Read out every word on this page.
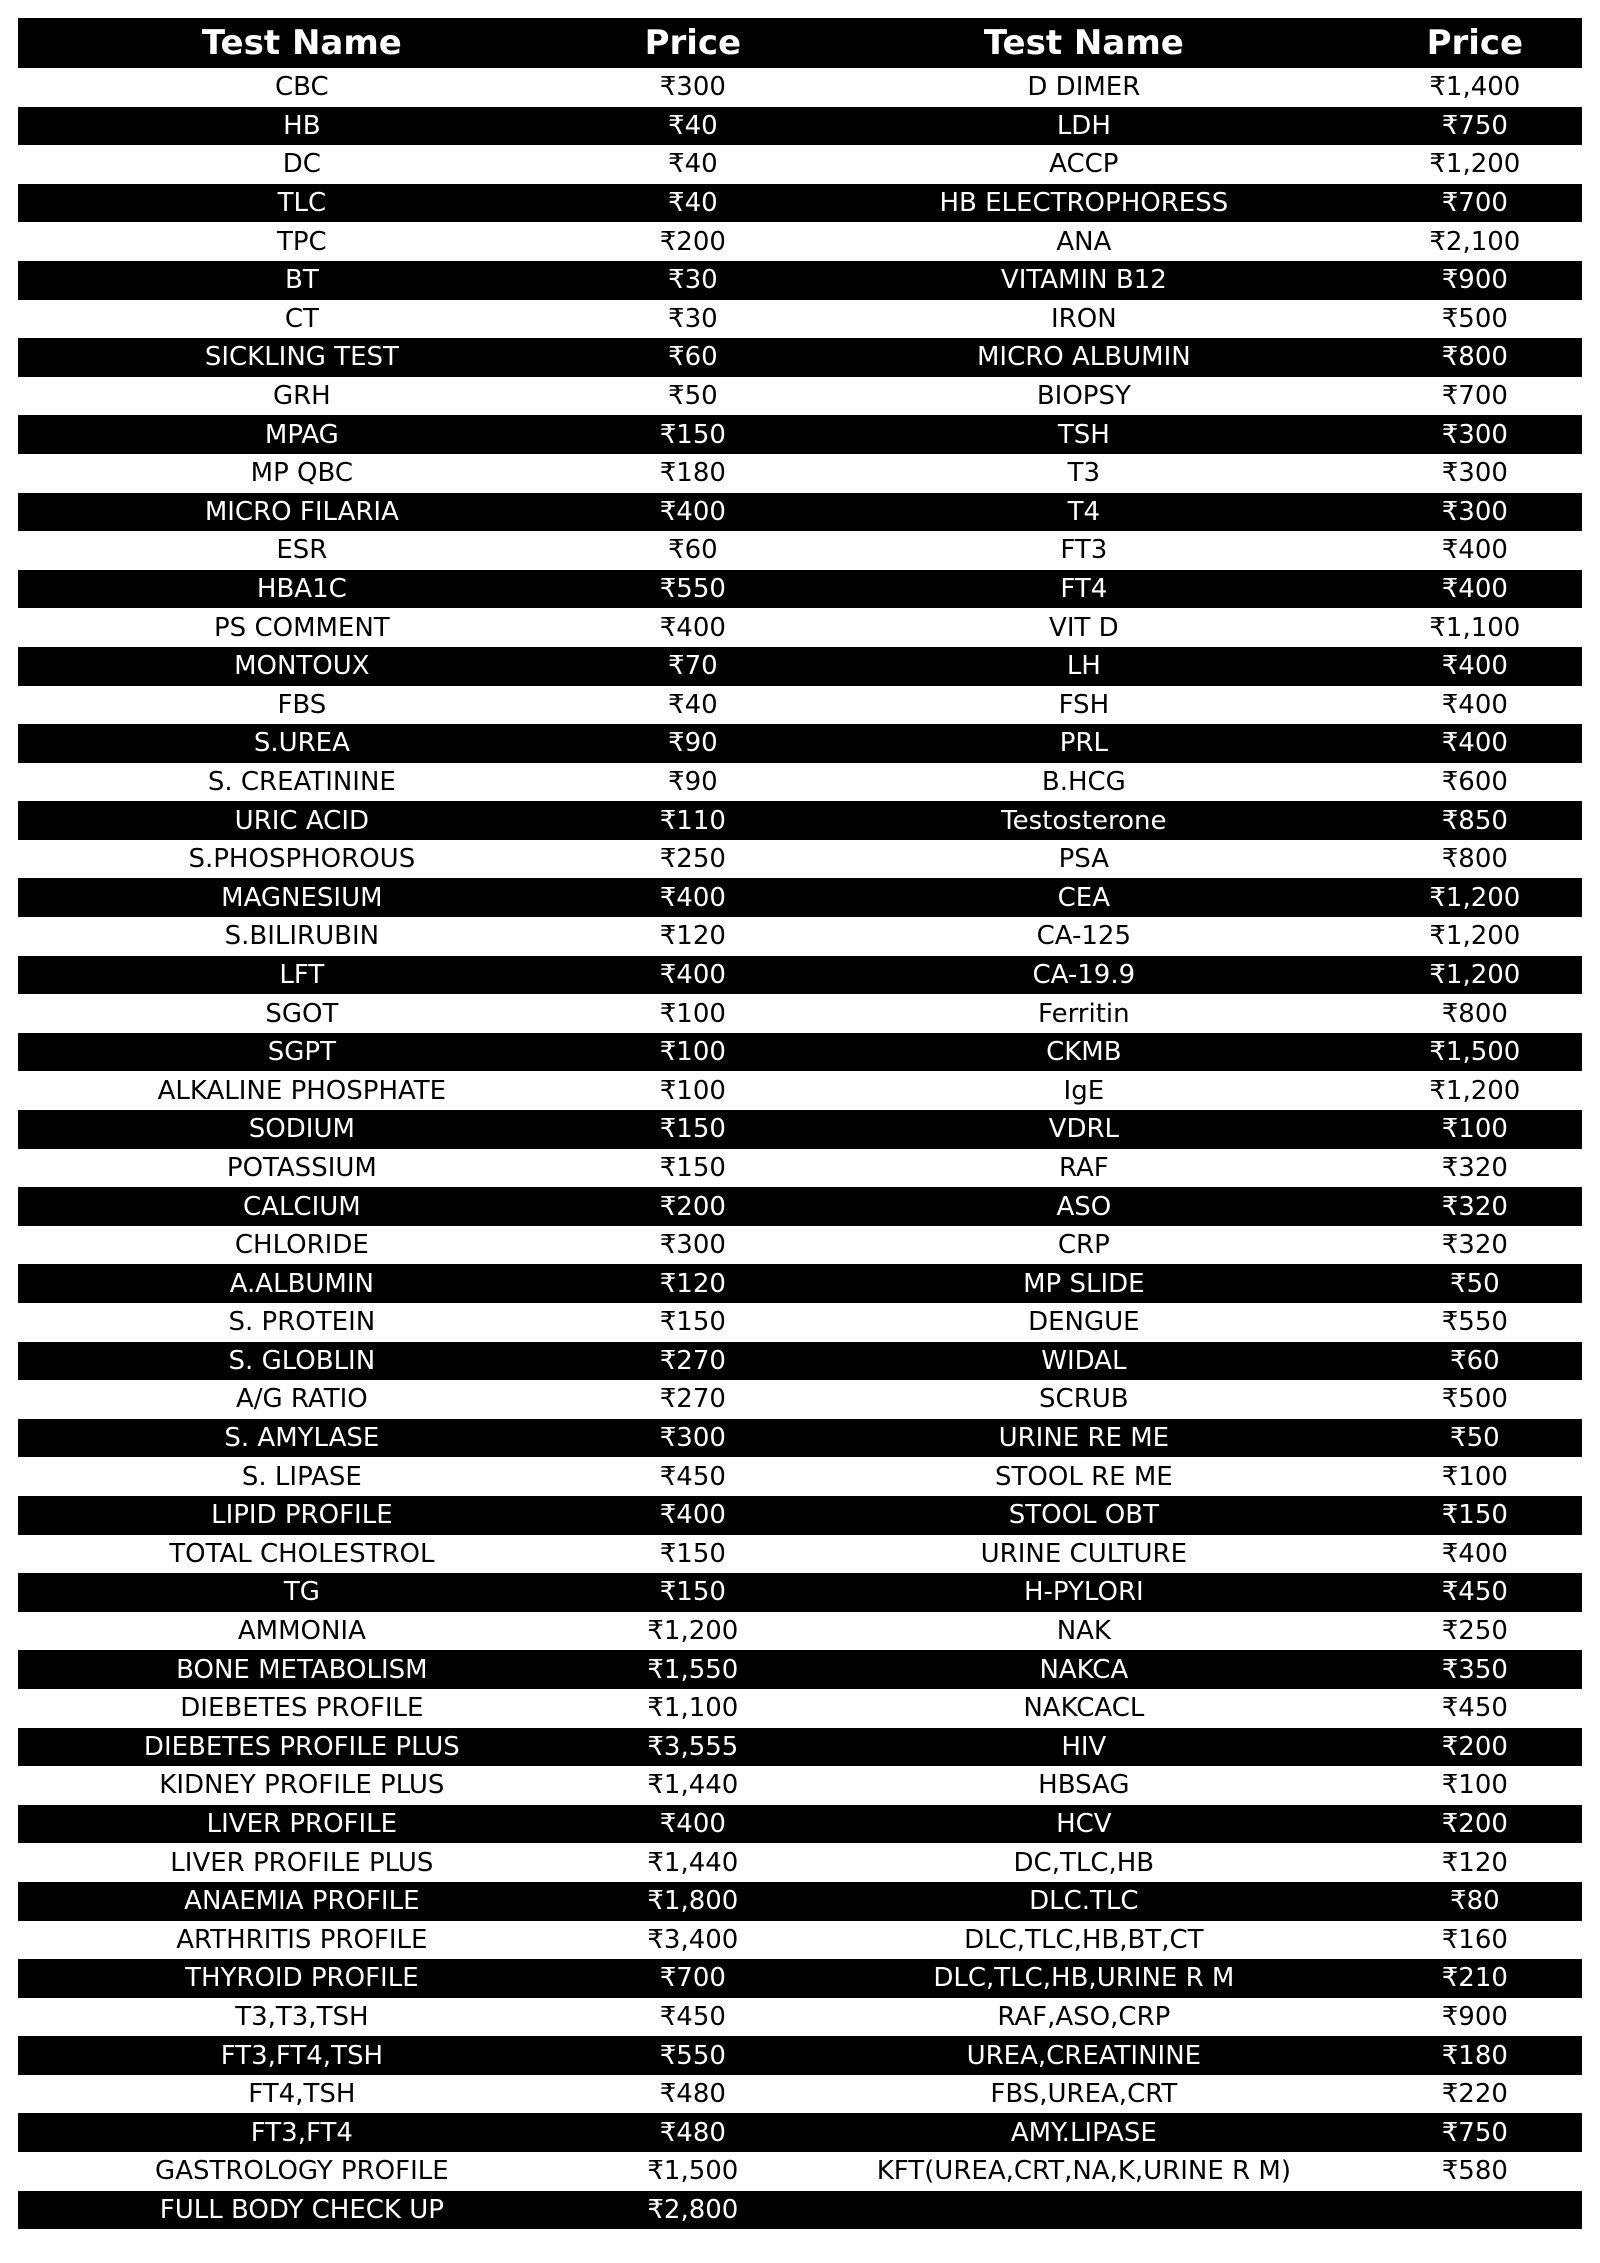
Test Name	Price	Test Name	Price
CBC	₹300	D DIMER	₹1,400
HB	₹40	LDH	₹750
DC	₹40	ACCP	₹1,200
TLC	₹40	HB ELECTROPHORESS	₹700
TPC	₹200	ANA	₹2,100
BT	₹30	VITAMIN B12	₹900
CT	₹30	IRON	₹500
SICKLING TEST	₹60	MICRO ALBUMIN	₹800
GRH	₹50	BIOPSY	₹700
MPAG	₹150	TSH	₹300
MP QBC	₹180	T3	₹300
MICRO FILARIA	₹400	T4	₹300
ESR	₹60	FT3	₹400
HBA1C	₹550	FT4	₹400
PS COMMENT	₹400	VIT D	₹1,100
MONTOUX	₹70	LH	₹400
FBS	₹40	FSH	₹400
S.UREA	₹90	PRL	₹400
S. CREATININE	₹90	B.HCG	₹600
URIC ACID	₹110	Testosterone	₹850
S.PHOSPHOROUS	₹250	PSA	₹800
MAGNESIUM	₹400	CEA	₹1,200
S.BILIRUBIN	₹120	CA-125	₹1,200
LFT	₹400	CA-19.9	₹1,200
SGOT	₹100	Ferritin	₹800
SGPT	₹100	CKMB	₹1,500
ALKALINE PHOSPHATE	₹100	IgE	₹1,200
SODIUM	₹150	VDRL	₹100
POTASSIUM	₹150	RAF	₹320
CALCIUM	₹200	ASO	₹320
CHLORIDE	₹300	CRP	₹320
A.ALBUMIN	₹120	MP SLIDE	₹50
S. PROTEIN	₹150	DENGUE	₹550
S. GLOBLIN	₹270	WIDAL	₹60
A/G RATIO	₹270	SCRUB	₹500
S. AMYLASE	₹300	URINE RE ME	₹50
S. LIPASE	₹450	STOOL RE ME	₹100
LIPID PROFILE	₹400	STOOL OBT	₹150
TOTAL CHOLESTROL	₹150	URINE CULTURE	₹400
TG	₹150	H-PYLORI	₹450
AMMONIA	₹1,200	NAK	₹250
BONE METABOLISM	₹1,550	NAKCA	₹350
DIEBETES PROFILE	₹1,100	NAKCACL	₹450
DIEBETES PROFILE PLUS	₹3,555	HIV	₹200
KIDNEY PROFILE PLUS	₹1,440	HBSAG	₹100
LIVER PROFILE	₹400	HCV	₹200
LIVER PROFILE PLUS	₹1,440	DC,TLC,HB	₹120
ANAEMIA PROFILE	₹1,800	DLC.TLC	₹80
ARTHRITIS PROFILE	₹3,400	DLC,TLC,HB,BT,CT	₹160
THYROID PROFILE	₹700	DLC,TLC,HB,URINE R M	₹210
T3,T3,TSH	₹450	RAF,ASO,CRP	₹900
FT3,FT4,TSH	₹550	UREA,CREATININE	₹180
FT4,TSH	₹480	FBS,UREA,CRT	₹220
FT3,FT4	₹480	AMY.LIPASE	₹750
GASTROLOGY PROFILE	₹1,500	KFT(UREA,CRT,NA,K,URINE R M)	₹580
FULL BODY CHECK UP	₹2,800		
